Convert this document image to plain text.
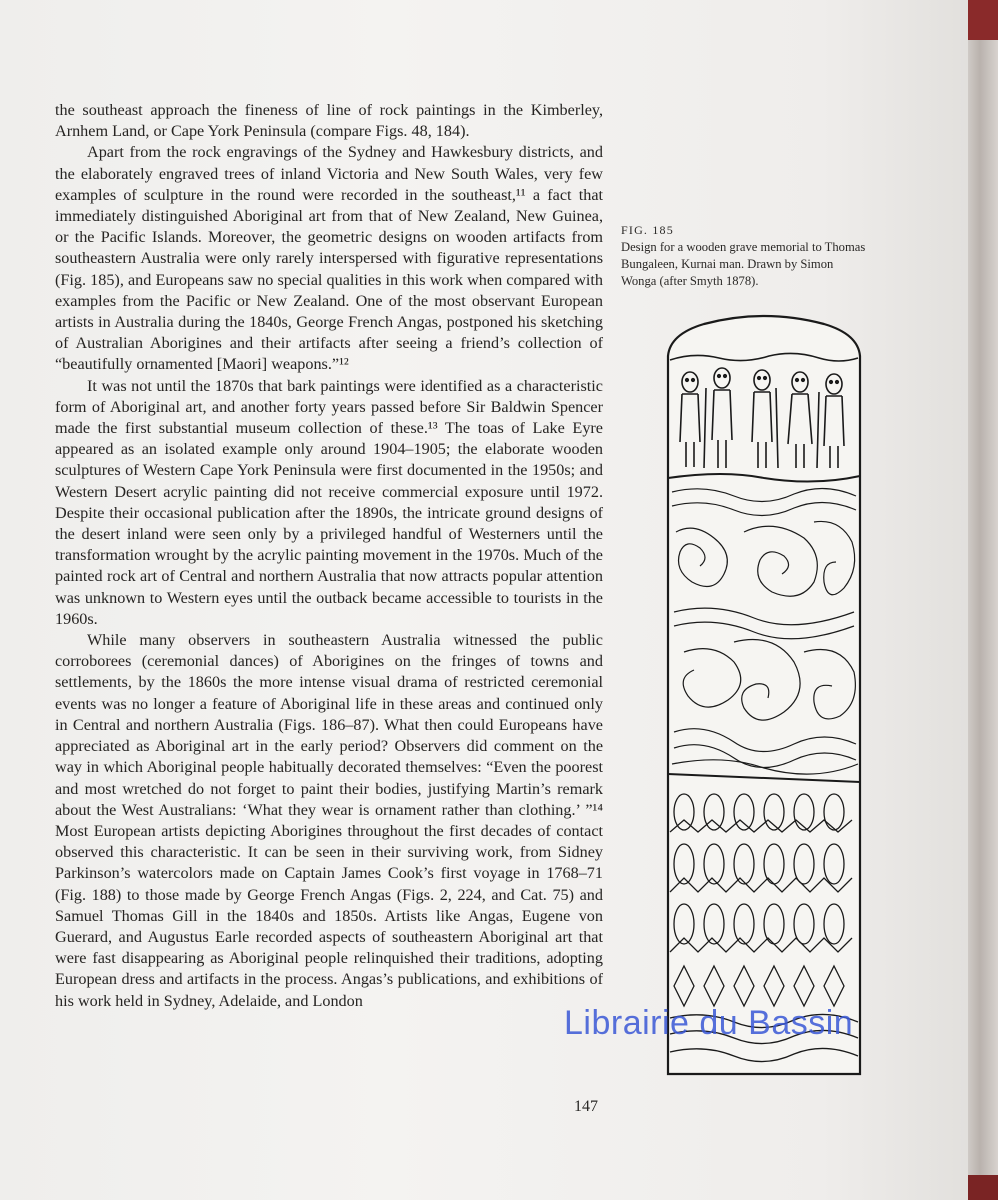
the southeast approach the fineness of line of rock paintings in the Kimberley, Arnhem Land, or Cape York Peninsula (compare Figs. 48, 184).

Apart from the rock engravings of the Sydney and Hawkesbury districts, and the elaborately engraved trees of inland Victoria and New South Wales, very few examples of sculpture in the round were recorded in the southeast,¹¹ a fact that immediately distinguished Aboriginal art from that of New Zealand, New Guinea, or the Pacific Islands. Moreover, the geometric designs on wooden artifacts from southeastern Australia were only rarely interspersed with figurative representations (Fig. 185), and Europeans saw no special qualities in this work when compared with examples from the Pacific or New Zealand. One of the most observant European artists in Australia during the 1840s, George French Angas, postponed his sketching of Australian Aborigines and their artifacts after seeing a friend’s collection of “beautifully ornamented [Maori] weapons.”¹²

It was not until the 1870s that bark paintings were identified as a characteristic form of Aboriginal art, and another forty years passed before Sir Baldwin Spencer made the first substantial museum collection of these.¹³ The toas of Lake Eyre appeared as an isolated example only around 1904–1905; the elaborate wooden sculptures of Western Cape York Peninsula were first documented in the 1950s; and Western Desert acrylic painting did not receive commercial exposure until 1972. Despite their occasional publication after the 1890s, the intricate ground designs of the desert inland were seen only by a privileged handful of Westerners until the transformation wrought by the acrylic painting movement in the 1970s. Much of the painted rock art of Central and northern Australia that now attracts popular attention was unknown to Western eyes until the outback became accessible to tourists in the 1960s.

While many observers in southeastern Australia witnessed the public corroborees (ceremonial dances) of Aborigines on the fringes of towns and settlements, by the 1860s the more intense visual drama of restricted ceremonial events was no longer a feature of Aboriginal life in these areas and continued only in Central and northern Australia (Figs. 186–87). What then could Europeans have appreciated as Aboriginal art in the early period? Observers did comment on the way in which Aboriginal people habitually decorated themselves: “Even the poorest and most wretched do not forget to paint their bodies, justifying Martin’s remark about the West Australians: ‘What they wear is ornament rather than clothing.’ ”¹⁴ Most European artists depicting Aborigines throughout the first decades of contact observed this characteristic. It can be seen in their surviving work, from Sidney Parkinson’s watercolors made on Captain James Cook’s first voyage in 1768–71 (Fig. 188) to those made by George French Angas (Figs. 2, 224, and Cat. 75) and Samuel Thomas Gill in the 1840s and 1850s. Artists like Angas, Eugene von Guerard, and Augustus Earle recorded aspects of southeastern Aboriginal art that were fast disappearing as Aboriginal people relinquished their traditions, adopting European dress and artifacts in the process. Angas’s publications, and exhibitions of his work held in Sydney, Adelaide, and London

FIG. 185
Design for a wooden grave memorial to Thomas Bungaleen, Kurnai man. Drawn by Simon Wonga (after Smyth 1878).
147
Librairie du Bassin
